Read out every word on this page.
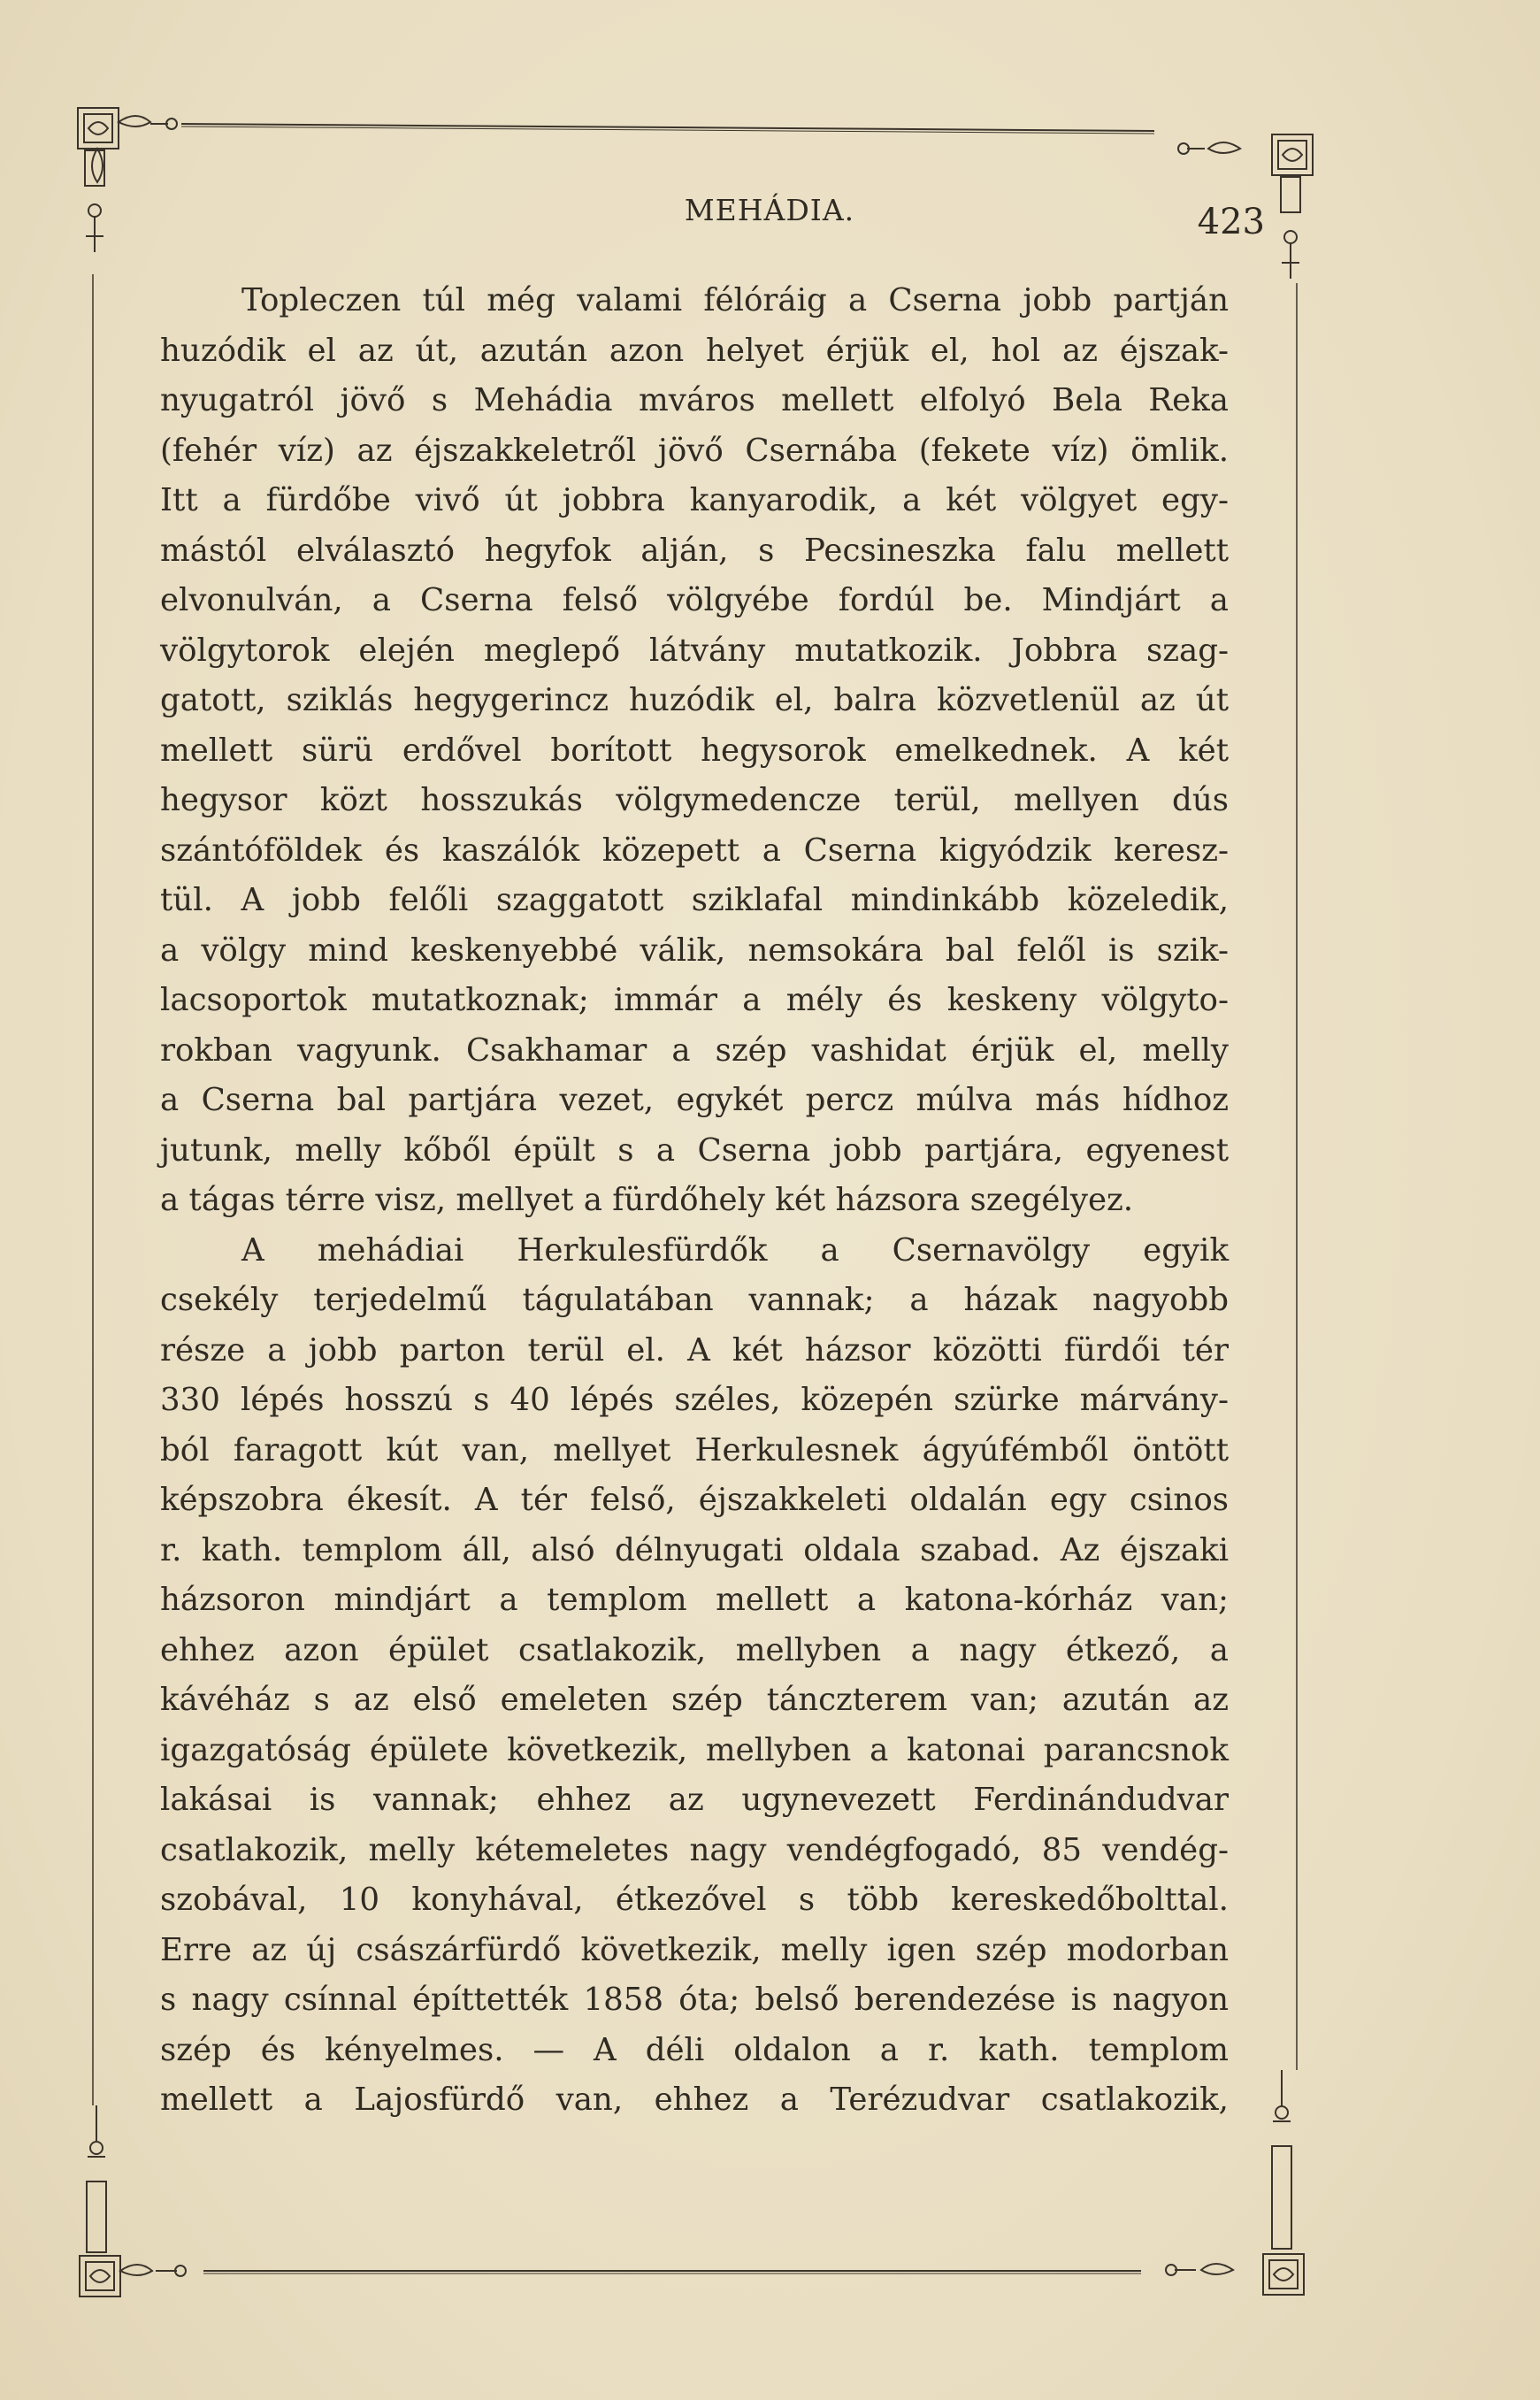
MEHÁDIA.	423
Topleczen túl még valami félóráig a Cserna jobb partján
huzódik el az út, azután azon helyet érjük el, hol az éjszak-
nyugatról jövő s Mehádia mváros mellett elfolyó Bela Reka
(fehér víz) az éjszakkeletről jövő Csernába (fekete víz) ömlik.
Itt a fürdőbe vivő út jobbra kanyarodik, a két völgyet egy-
mástól elválasztó hegyfok alján, s Pecsineszka falu mellett
elvonulván, a Cserna felső völgyébe fordúl be. Mindjárt a
völgytorok elején meglepő látvány mutatkozik. Jobbra szag-
gatott, sziklás hegygerincz huzódik el, balra közvetlenül az út
mellett sürü erdővel borított hegysorok emelkednek. A két
hegysor közt hosszukás völgymedencze terül, mellyen dús
szántóföldek és kaszálók közepett a Cserna kigyódzik keresz-
tül. A jobb felőli szaggatott sziklafal mindinkább közeledik,
a völgy mind keskenyebbé válik, nemsokára bal felől is szik-
lacsoportok mutatkoznak; immár a mély és keskeny völgyto-
rokban vagyunk. Csakhamar a szép vashidat érjük el, melly
a Cserna bal partjára vezet, egykét percz múlva más hídhoz
jutunk, melly kőből épült s a Cserna jobb partjára, egyenest
a tágas térre visz, mellyet a fürdőhely két házsora szegélyez.
A mehádiai Herkulesfürdők a Csernavölgy egyik
csekély terjedelmű tágulatában vannak; a házak nagyobb
része a jobb parton terül el. A két házsor közötti fürdői tér
330 lépés hosszú s 40 lépés széles, közepén szürke márvány-
ból faragott kút van, mellyet Herkulesnek ágyúfémből öntött
képszobra ékesít. A tér felső, éjszakkeleti oldalán egy csinos
r. kath. templom áll, alsó délnyugati oldala szabad. Az éjszaki
házsoron mindjárt a templom mellett a katona-kórház van;
ehhez azon épület csatlakozik, mellyben a nagy étkező, a
kávéház s az első emeleten szép tánczterem van; azután az
igazgatóság épülete következik, mellyben a katonai parancsnok
lakásai is vannak; ehhez az ugynevezett Ferdinándudvar
csatlakozik, melly kétemeletes nagy vendégfogadó, 85 vendég-
szobával, 10 konyhával, étkezővel s több kereskedőbolttal.
Erre az új császárfürdő következik, melly igen szép modorban
s nagy csínnal építtették 1858 óta; belső berendezése is nagyon
szép és kényelmes. — A déli oldalon a r. kath. templom
mellett a Lajosfürdő van, ehhez a Terézudvar csatlakozik,
